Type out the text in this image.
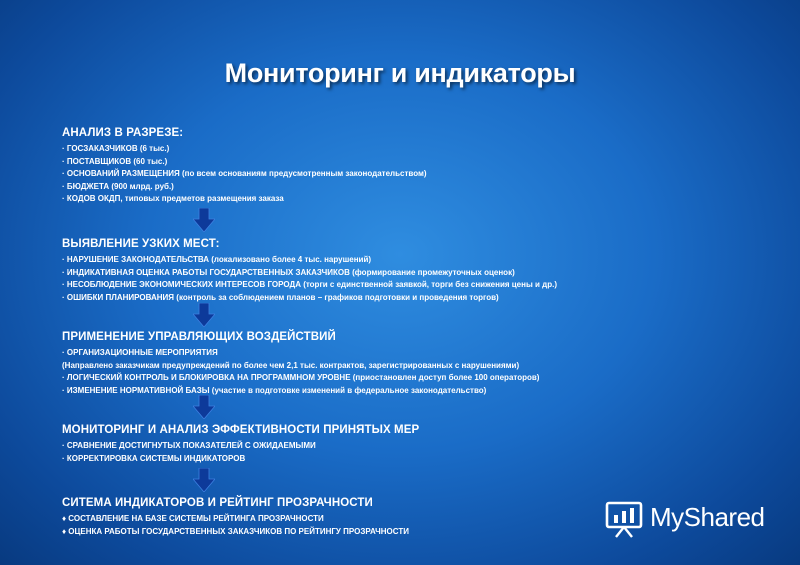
Мониторинг и индикаторы
АНАЛИЗ В РАЗРЕЗЕ:
· ГОСЗАКАЗЧИКОВ (6 тыс.)
· ПОСТАВЩИКОВ (60 тыс.)
· ОСНОВАНИЙ РАЗМЕЩЕНИЯ (по всем основаниям предусмотренным законодательством)
· БЮДЖЕТА (900 млрд. руб.)
· КОДОВ ОКДП, типовых предметов размещения заказа
ВЫЯВЛЕНИЕ УЗКИХ МЕСТ:
· НАРУШЕНИЕ ЗАКОНОДАТЕЛЬСТВА (локализовано более 4 тыс. нарушений)
· ИНДИКАТИВНАЯ ОЦЕНКА РАБОТЫ ГОСУДАРСТВЕННЫХ ЗАКАЗЧИКОВ (формирование промежуточных оценок)
· НЕСОБЛЮДЕНИЕ ЭКОНОМИЧЕСКИХ ИНТЕРЕСОВ ГОРОДА (торги с единственной заявкой, торги без снижения цены и др.)
· ОШИБКИ ПЛАНИРОВАНИЯ (контроль за соблюдением планов – графиков подготовки и проведения торгов)
ПРИМЕНЕНИЕ УПРАВЛЯЮЩИХ ВОЗДЕЙСТВИЙ
· ОРГАНИЗАЦИОННЫЕ МЕРОПРИЯТИЯ
(Направлено заказчикам предупреждений по более чем 2,1 тыс. контрактов, зарегистрированных с нарушениями)
· ЛОГИЧЕСКИЙ КОНТРОЛЬ И БЛОКИРОВКА НА ПРОГРАММНОМ УРОВНЕ (приостановлен доступ более 100 операторов)
· ИЗМЕНЕНИЕ НОРМАТИВНОЙ БАЗЫ (участие в подготовке изменений в федеральное законодательство)
МОНИТОРИНГ И АНАЛИЗ ЭФФЕКТИВНОСТИ ПРИНЯТЫХ МЕР
· СРАВНЕНИЕ ДОСТИГНУТЫХ ПОКАЗАТЕЛЕЙ С ОЖИДАЕМЫМИ
· КОРРЕКТИРОВКА СИСТЕМЫ ИНДИКАТОРОВ
СИТЕМА ИНДИКАТОРОВ И РЕЙТИНГ ПРОЗРАЧНОСТИ
♦ СОСТАВЛЕНИЕ НА БАЗЕ СИСТЕМЫ РЕЙТИНГА ПРОЗРАЧНОСТИ
♦ ОЦЕНКА РАБОТЫ ГОСУДАРСТВЕННЫХ ЗАКАЗЧИКОВ ПО РЕЙТИНГУ ПРОЗРАЧНОСТИ	MyShared
